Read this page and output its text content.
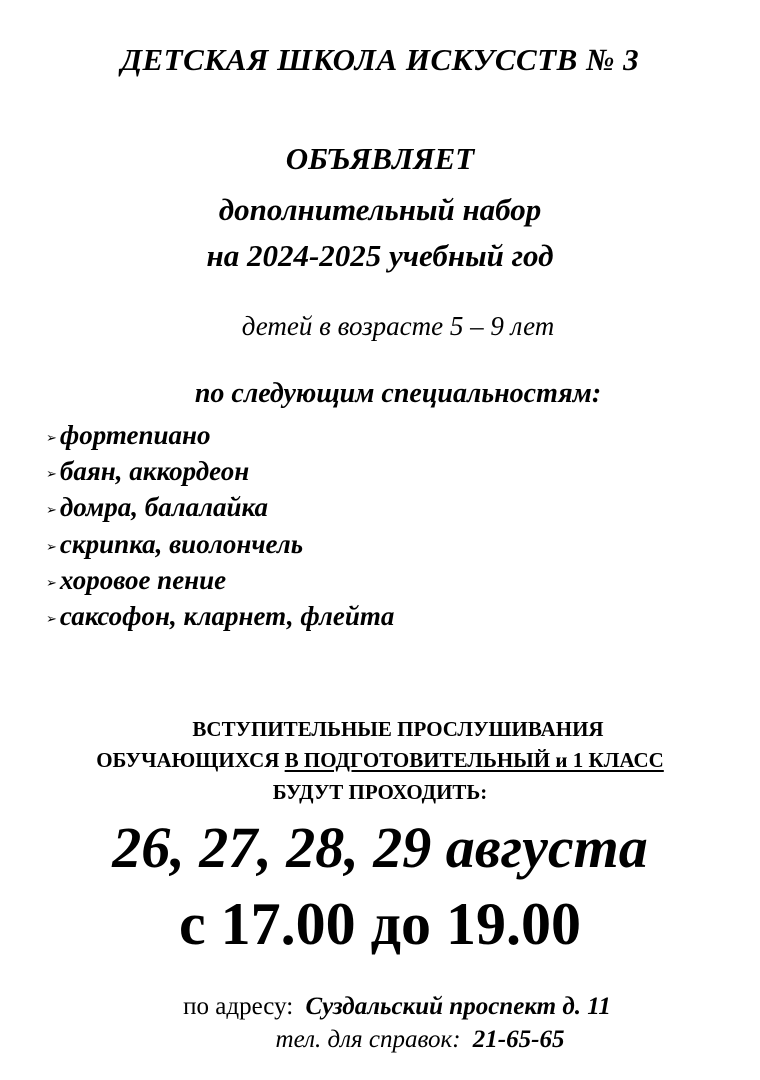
ДЕТСКАЯ ШКОЛА ИСКУССТВ № 3
ОБЪЯВЛЯЕТ
дополнительный набор
на 2024-2025 учебный год
детей в возрасте 5 – 9 лет
по следующим специальностям:
➢ фортепиано
➢ баян, аккордеон
➢ домра, балалайка
➢ скрипка, виолончель
➢ хоровое пение
➢ саксофон, кларнет, флейта
ВСТУПИТЕЛЬНЫЕ ПРОСЛУШИВАНИЯ
ОБУЧАЮЩИХСЯ В ПОДГОТОВИТЕЛЬНЫЙ и 1 КЛАСС
БУДУТ ПРОХОДИТЬ:
26, 27, 28, 29 августа
с 17.00 до 19.00
по адресу: Суздальский проспект д. 11
тел. для справок: 21-65-65
